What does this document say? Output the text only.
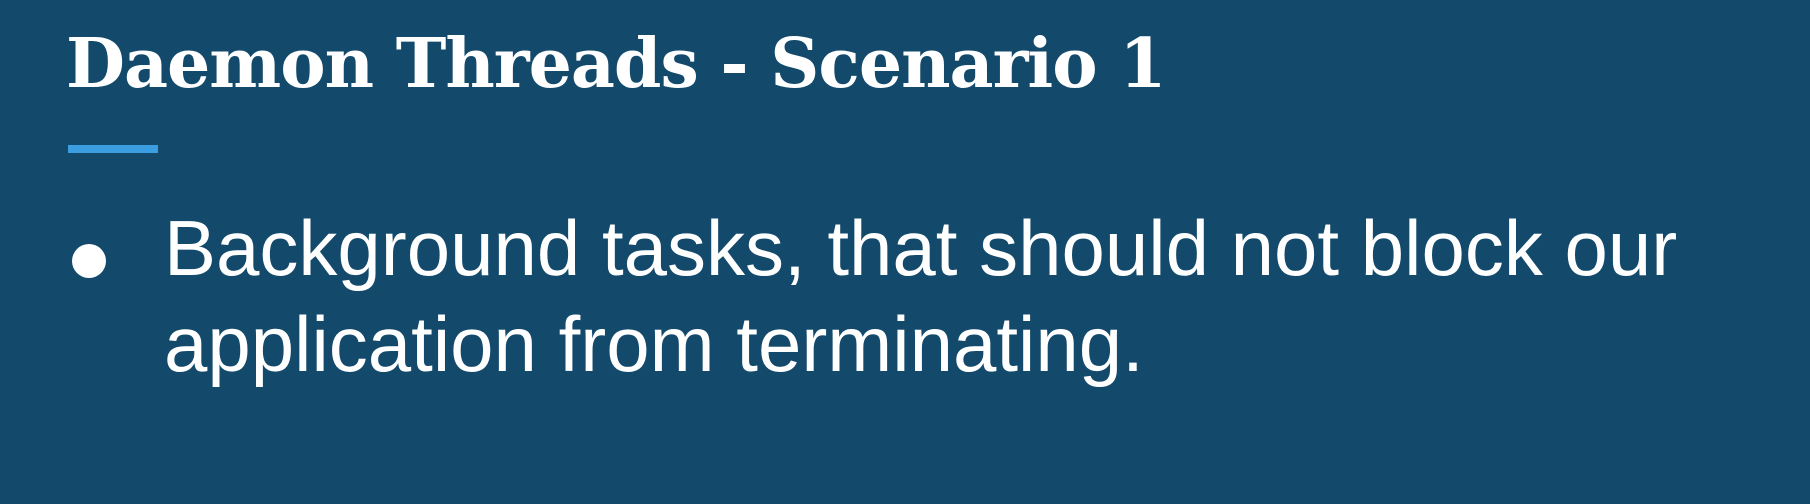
Daemon Threads - Scenario 1
Background tasks, that should not block our
application from terminating.
